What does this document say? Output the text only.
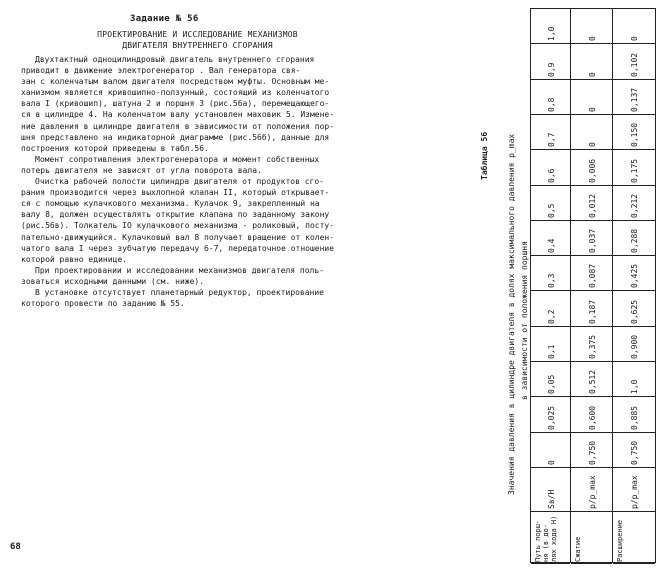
Задание № 56
ПРОЕКТИРОВАНИЕ И ИССЛЕДОВАНИЕ МЕХАНИЗМОВ
ДВИГАТЕЛЯ ВНУТРЕННЕГО СГОРАНИЯ

Двухтактный одноцилиндровый двигатель внутреннего сгорания
приводит в движение электрогенератор . Вал генератора свя-
зан с коленчатым валом двигателя посредством муфты. Основным ме-
ханизмом является кривошипно-ползунный, состоящий из коленчатого
вала I (кривошип), шатуна 2 и поршня 3 (рис.56а), перемещающего-
ся в цилиндре 4. На коленчатом валу установлен маховик 5. Измене-
ние давления в цилиндре двигателя в зависимости от положения пор-
шня представлено на индикаторной диаграмме (рис.56б), данные для
построения которой приведены в табл.56.

Момент сопротивления электрогенератора и момент собственных
потерь двигателя не зависят от угла поворота вала.

Очистка рабочей полости цилиндра двигателя от продуктов сго-
рания производится через выхлопной клапан II, который открывает-
ся с помощью кулачкового механизма. Кулачок 9, закрепленный на
валу 8, должен осуществлять открытие клапана по заданному закону
(рис.56в). Толкатель IO кулачкового механизма - роликовый, посту-
пательно-движущийся. Кулачковый вал 8 получает вращение от колен-
чатого вала I через зубчатую передачу 6-7, передаточное отношение
которой равно единице.

При проектировании и исследовании механизмов двигателя поль-
зоваться исходными данными (см. ниже).

В установке отсутствует планетарный редуктор, проектирование
которого провести по заданию № 55.

68
Таблица 56 Значения давления в цилиндре двигателя в долях максимального давления p_max в зависимости от положения поршня
Путь порш- ня (в до- лях хода H)
Sв/H
0
0,025
0,05
0,1
0,2
0,3
0,4
0,5
0,6
0,7
0,8
0,9
1,0
Сжатие
p/p_max
0,750
0,600
0,512
0,375
0,187
0,087
0,037
0,012
0,006
0
0
0
0
Расширение
p/p_max
0,750
0,885
1,0
0,900
0,625
0,425
0,288
0,212
0,175
0,150
0,137
0,102
0
